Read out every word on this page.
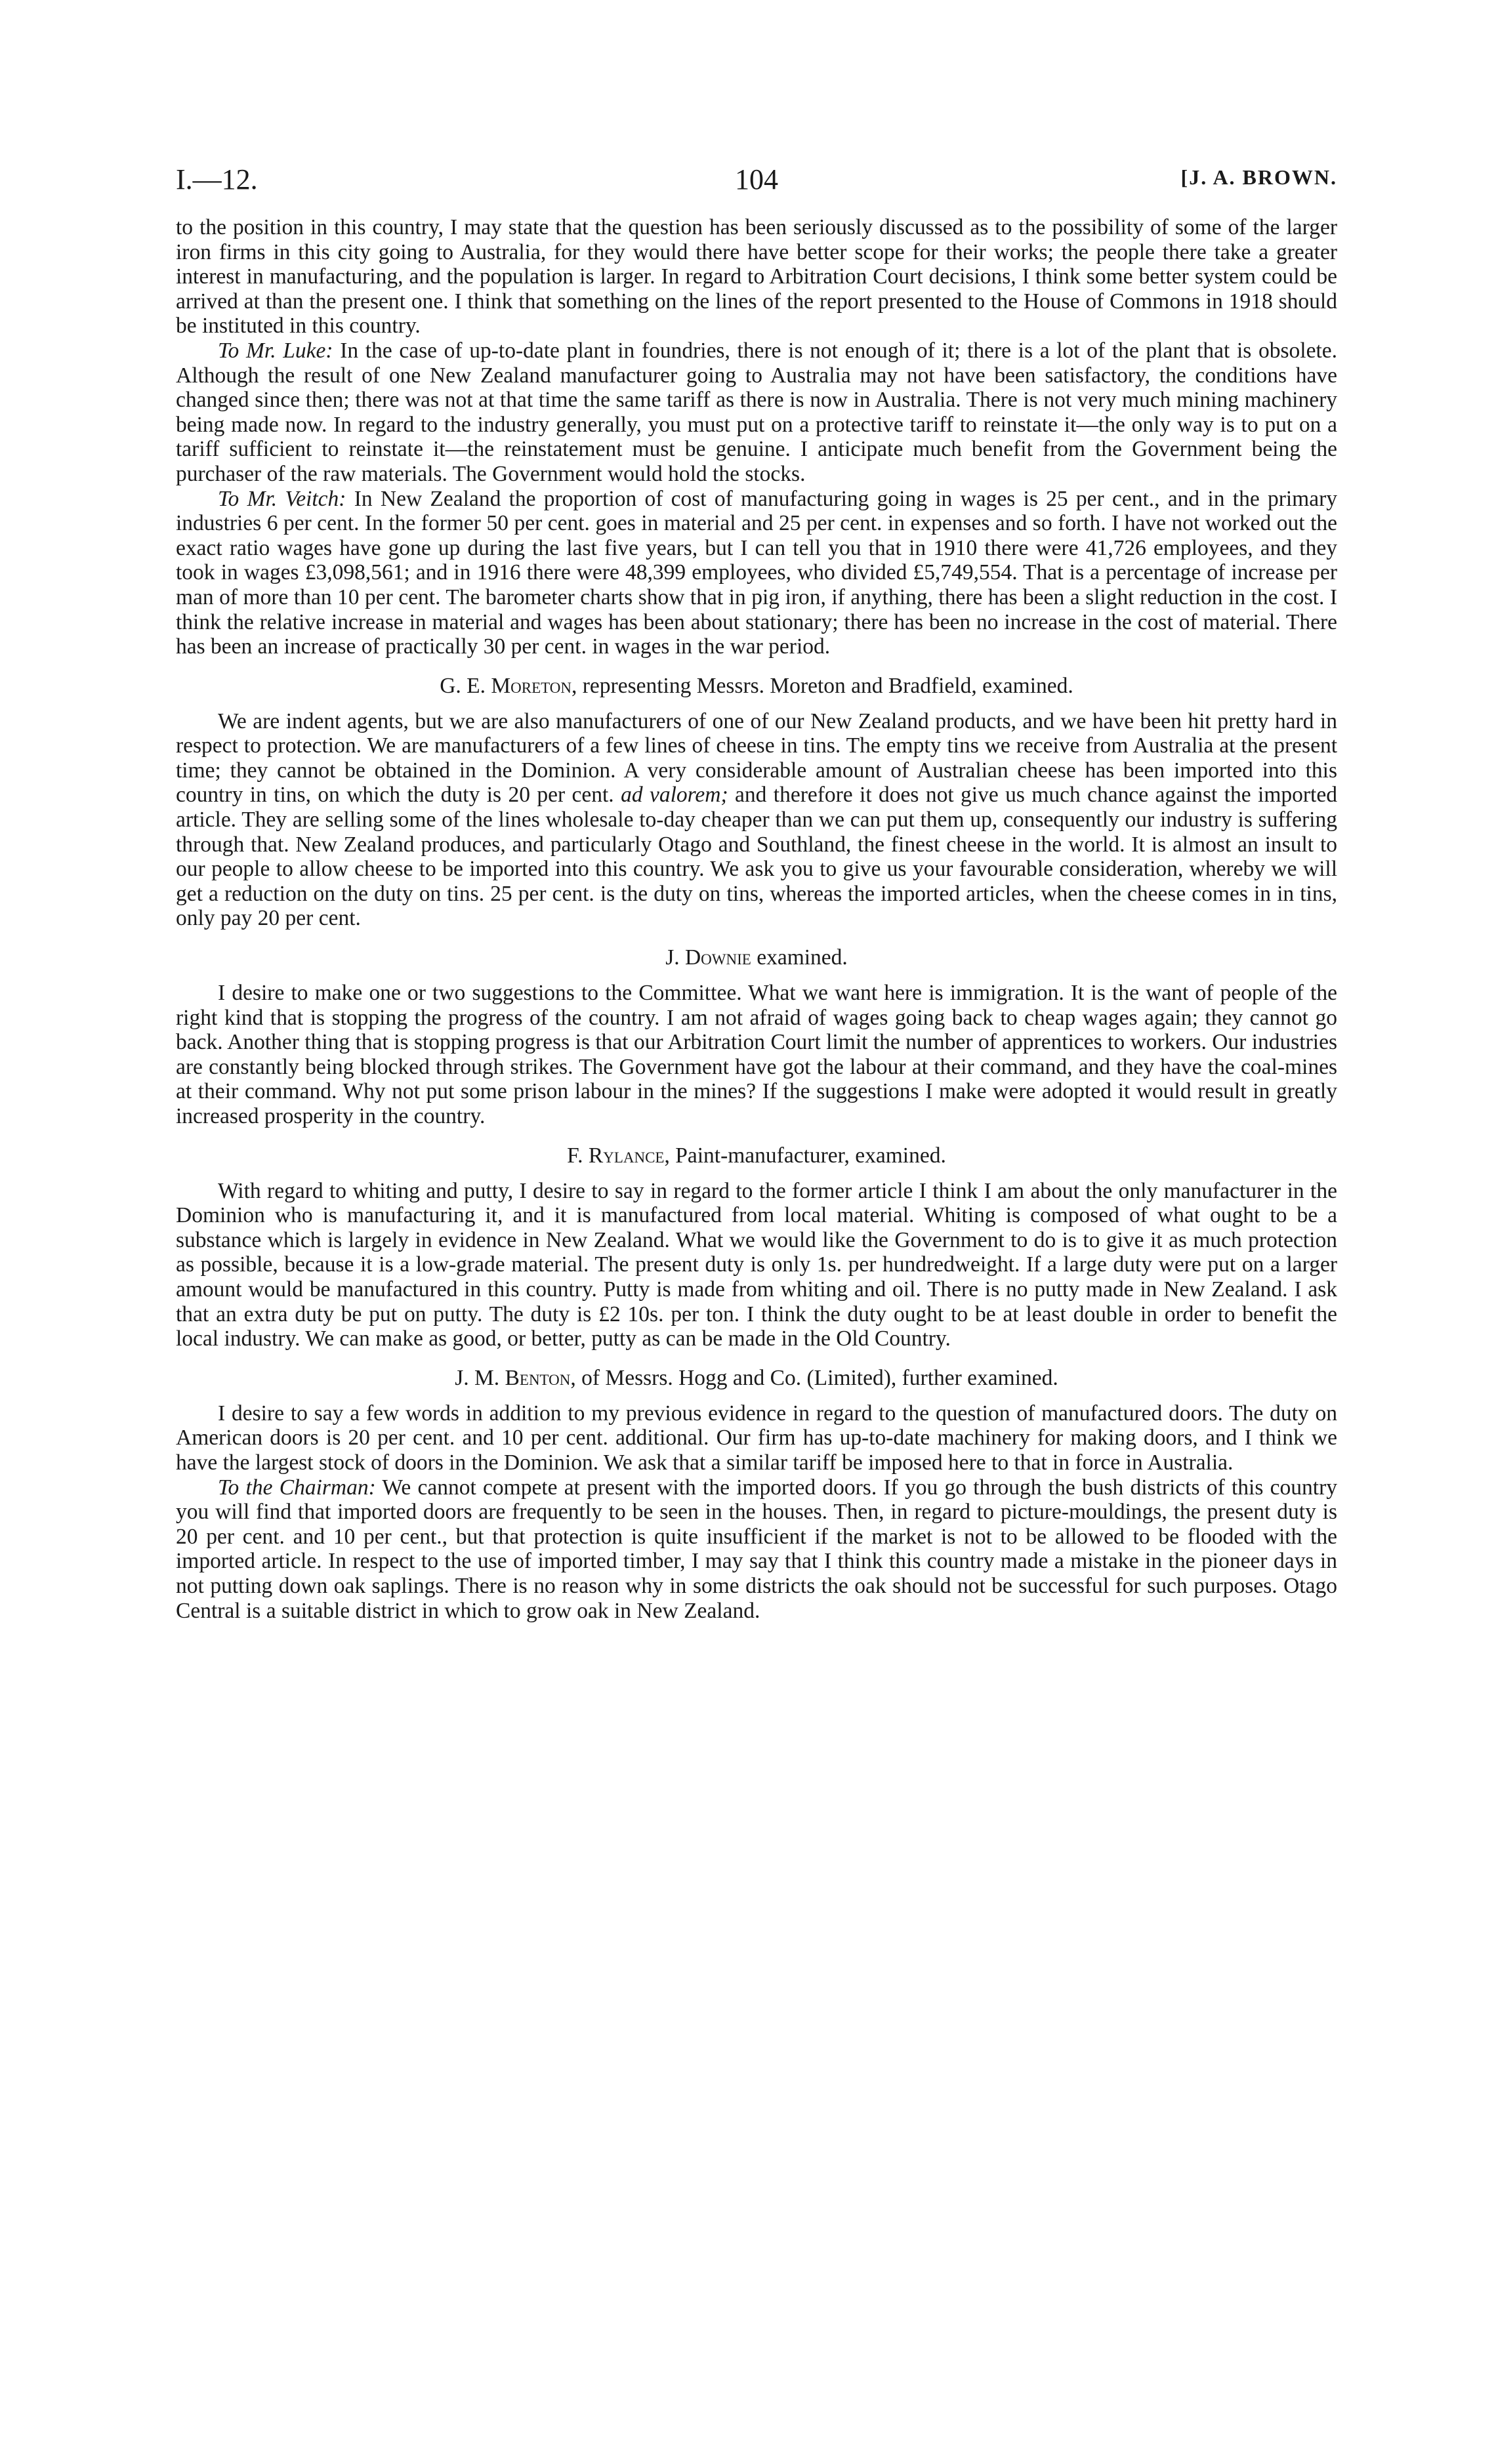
I.—12.	104	[J. A. BROWN.

to the position in this country, I may state that the question has been seriously discussed as to the possibility of some of the larger iron firms in this city going to Australia, for they would there have better scope for their works; the people there take a greater interest in manufacturing, and the population is larger. In regard to Arbitration Court decisions, I think some better system could be arrived at than the present one. I think that something on the lines of the report presented to the House of Commons in 1918 should be instituted in this country.

To Mr. Luke: In the case of up-to-date plant in foundries, there is not enough of it; there is a lot of the plant that is obsolete. Although the result of one New Zealand manufacturer going to Australia may not have been satisfactory, the conditions have changed since then; there was not at that time the same tariff as there is now in Australia. There is not very much mining machinery being made now. In regard to the industry generally, you must put on a protective tariff to reinstate it—the only way is to put on a tariff sufficient to reinstate it—the reinstatement must be genuine. I anticipate much benefit from the Government being the purchaser of the raw materials. The Government would hold the stocks.

To Mr. Veitch: In New Zealand the proportion of cost of manufacturing going in wages is 25 per cent., and in the primary industries 6 per cent. In the former 50 per cent. goes in material and 25 per cent. in expenses and so forth. I have not worked out the exact ratio wages have gone up during the last five years, but I can tell you that in 1910 there were 41,726 employees, and they took in wages £3,098,561; and in 1916 there were 48,399 employees, who divided £5,749,554. That is a percentage of increase per man of more than 10 per cent. The barometer charts show that in pig iron, if anything, there has been a slight reduction in the cost. I think the relative increase in material and wages has been about stationary; there has been no increase in the cost of material. There has been an increase of practically 30 per cent. in wages in the war period.

G. E. Moreton, representing Messrs. Moreton and Bradfield, examined.

We are indent agents, but we are also manufacturers of one of our New Zealand products, and we have been hit pretty hard in respect to protection. We are manufacturers of a few lines of cheese in tins. The empty tins we receive from Australia at the present time; they cannot be obtained in the Dominion. A very considerable amount of Australian cheese has been imported into this country in tins, on which the duty is 20 per cent. ad valorem; and therefore it does not give us much chance against the imported article. They are selling some of the lines wholesale to-day cheaper than we can put them up, consequently our industry is suffering through that. New Zealand produces, and particularly Otago and Southland, the finest cheese in the world. It is almost an insult to our people to allow cheese to be imported into this country. We ask you to give us your favourable consideration, whereby we will get a reduction on the duty on tins. 25 per cent. is the duty on tins, whereas the imported articles, when the cheese comes in in tins, only pay 20 per cent.

J. Downie examined.

I desire to make one or two suggestions to the Committee. What we want here is immigration. It is the want of people of the right kind that is stopping the progress of the country. I am not afraid of wages going back to cheap wages again; they cannot go back. Another thing that is stopping progress is that our Arbitration Court limit the number of apprentices to workers. Our industries are constantly being blocked through strikes. The Government have got the labour at their command, and they have the coal-mines at their command. Why not put some prison labour in the mines? If the suggestions I make were adopted it would result in greatly increased prosperity in the country.

F. Rylance, Paint-manufacturer, examined.

With regard to whiting and putty, I desire to say in regard to the former article I think I am about the only manufacturer in the Dominion who is manufacturing it, and it is manufactured from local material. Whiting is composed of what ought to be a substance which is largely in evidence in New Zealand. What we would like the Government to do is to give it as much protection as possible, because it is a low-grade material. The present duty is only 1s. per hundredweight. If a large duty were put on a larger amount would be manufactured in this country. Putty is made from whiting and oil. There is no putty made in New Zealand. I ask that an extra duty be put on putty. The duty is £2 10s. per ton. I think the duty ought to be at least double in order to benefit the local industry. We can make as good, or better, putty as can be made in the Old Country.

J. M. Benton, of Messrs. Hogg and Co. (Limited), further examined.

I desire to say a few words in addition to my previous evidence in regard to the question of manufactured doors. The duty on American doors is 20 per cent. and 10 per cent. additional. Our firm has up-to-date machinery for making doors, and I think we have the largest stock of doors in the Dominion. We ask that a similar tariff be imposed here to that in force in Australia.

To the Chairman: We cannot compete at present with the imported doors. If you go through the bush districts of this country you will find that imported doors are frequently to be seen in the houses. Then, in regard to picture-mouldings, the present duty is 20 per cent. and 10 per cent., but that protection is quite insufficient if the market is not to be allowed to be flooded with the imported article. In respect to the use of imported timber, I may say that I think this country made a mistake in the pioneer days in not putting down oak saplings. There is no reason why in some districts the oak should not be successful for such purposes. Otago Central is a suitable district in which to grow oak in New Zealand.
